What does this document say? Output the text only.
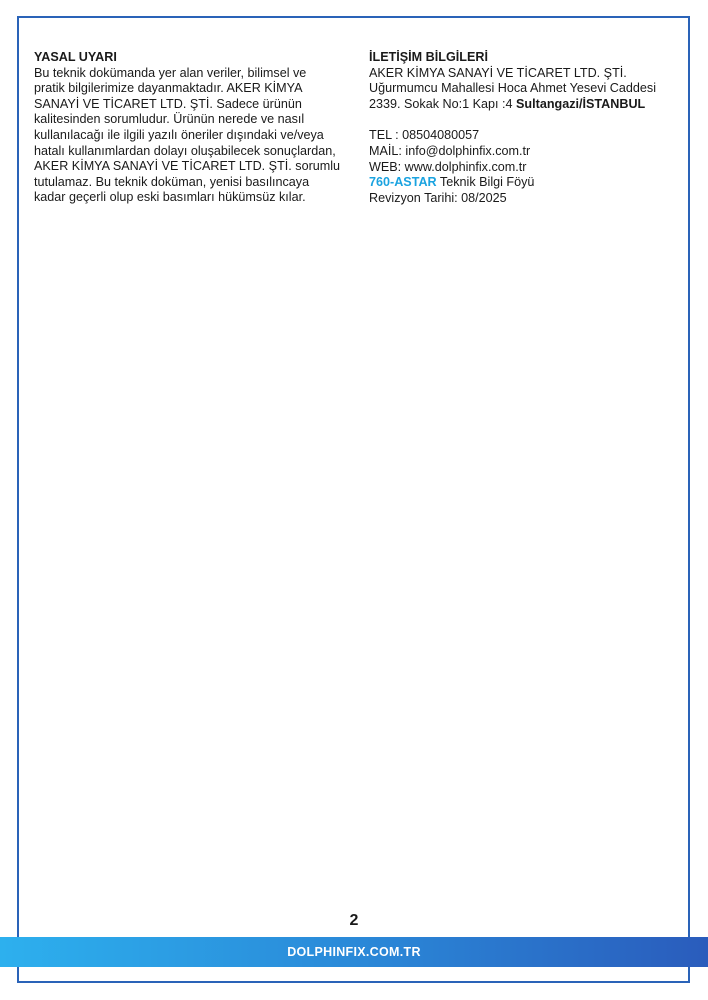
YASAL UYARI

Bu teknik dokümanda yer alan veriler, bilimsel ve
pratik bilgilerimize dayanmaktadır. AKER KİMYA
SANAYİ VE TİCARET LTD. ŞTİ. Sadece ürünün
kalitesinden sorumludur. Ürünün nerede ve nasıl
kullanılacağı ile ilgili yazılı öneriler dışındaki ve/veya
hatalı kullanımlardan dolayı oluşabilecek sonuçlardan,
AKER KİMYA SANAYİ VE TİCARET LTD. ŞTİ. sorumlu
tutulamaz. Bu teknik doküman, yenisi basılıncaya
kadar geçerli olup eski basımları hükümsüz kılar.

İLETİŞİM BİLGİLERİ

AKER KİMYA SANAYİ VE TİCARET LTD. ŞTİ.
Uğurmumcu Mahallesi Hoca Ahmet Yesevi Caddesi
2339. Sokak No:1 Kapı :4 Sultangazi/İSTANBUL
TEL : 08504080057
MAİL: info@dolphinfix.com.tr
WEB: www.dolphinfix.com.tr
760-ASTAR Teknik Bilgi Föyü
Revizyon Tarihi: 08/2025
2
DOLPHINFIX.COM.TR
